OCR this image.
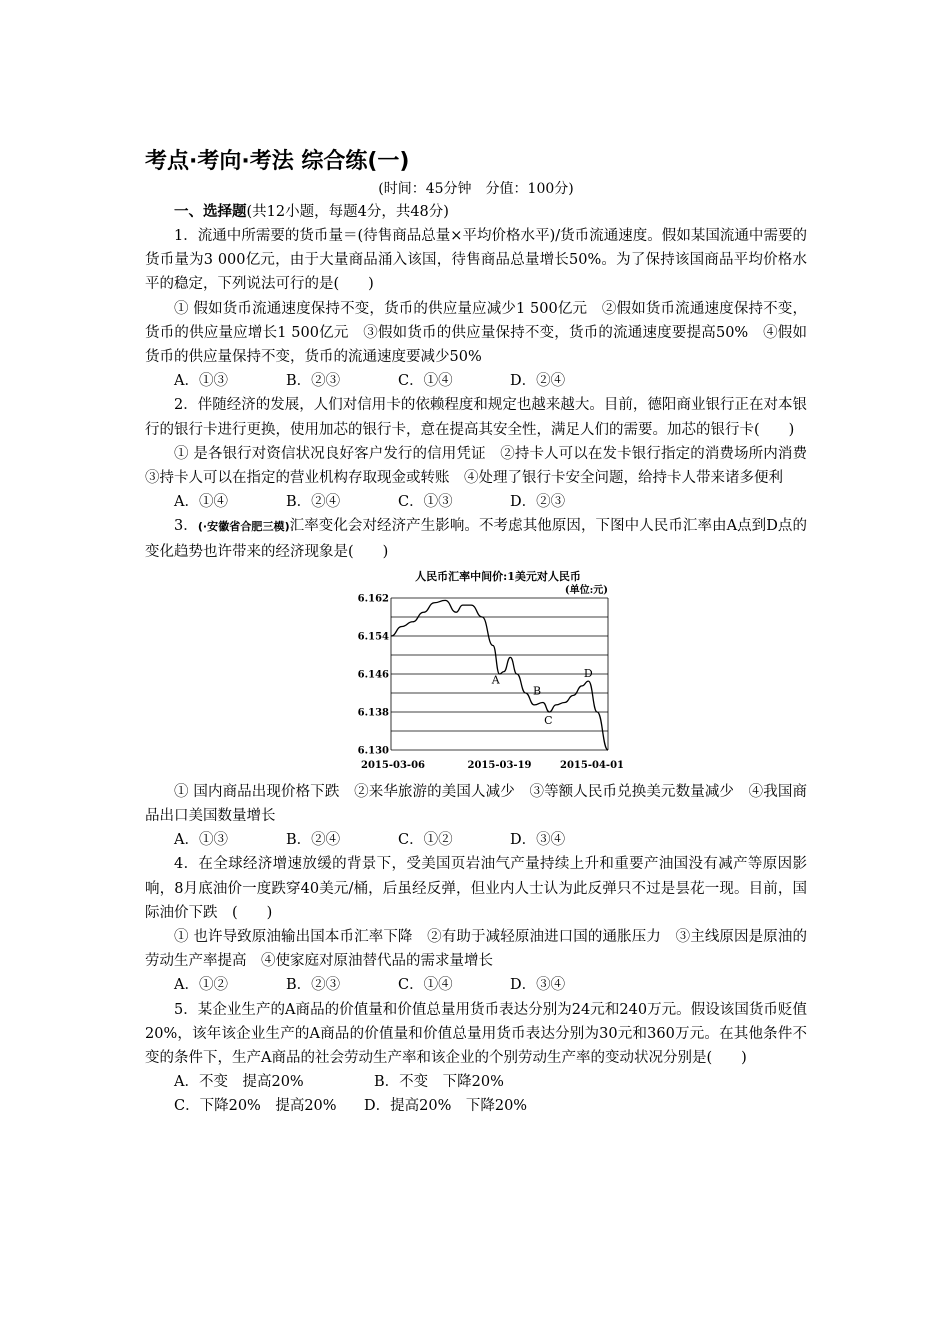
考点·考向·考法 综合练(一)
(时间：45分钟　分值：100分)
一、选择题(共12小题，每题4分，共48分)

1．流通中所需要的货币量＝(待售商品总量×平均价格水平)/货币流通速度。假如某国流通中需要的货币量为3 000亿元，由于大量商品涌入该国，待售商品总量增长50%。为了保持该国商品平均价格水平的稳定，下列说法可行的是(　　)

① 假如货币流通速度保持不变，货币的供应量应减少1 500亿元　②假如货币流通速度保持不变，货币的供应量应增长1 500亿元　③假如货币的供应量保持不变，货币的流通速度要提高50%　④假如货币的供应量保持不变，货币的流通速度要减少50%

A．①③	B．②③	C．①④	D．②④

2．伴随经济的发展，人们对信用卡的依赖程度和规定也越来越大。目前，德阳商业银行正在对本银行的银行卡进行更换，使用加芯的银行卡，意在提高其安全性，满足人们的需要。加芯的银行卡(　　)

① 是各银行对资信状况良好客户发行的信用凭证　②持卡人可以在发卡银行指定的消费场所内消费　③持卡人可以在指定的营业机构存取现金或转账　④处理了银行卡安全问题，给持卡人带来诸多便利

A．①④	B．②④	C．①③	D．②③

3．(·安徽省合肥三模)汇率变化会对经济产生影响。不考虑其他原因，下图中人民币汇率由A点到D点的变化趋势也许带来的经济现象是(　　)

人民币汇率中间价:1美元对人民币
(单位:元)
6.162
6.154
6.146
6.138
6.130
2015-03-06	2015-03-19	2015-04-01
A
B
C
D

① 国内商品出现价格下跌　②来华旅游的美国人减少　③等额人民币兑换美元数量减少　④我国商品出口美国数量增长

A．①③	B．②④	C．①②	D．③④

4．在全球经济增速放缓的背景下，受美国页岩油气产量持续上升和重要产油国没有减产等原因影响，8月底油价一度跌穿40美元/桶，后虽经反弹，但业内人士认为此反弹只不过是昙花一现。目前，国际油价下跌　(　　)

① 也许导致原油输出国本币汇率下降　②有助于减轻原油进口国的通胀压力　③主线原因是原油的劳动生产率提高　④使家庭对原油替代品的需求量增长

A．①②	B．②③	C．①④	D．③④

5．某企业生产的A商品的价值量和价值总量用货币表达分别为24元和240万元。假设该国货币贬值20%，该年该企业生产的A商品的价值量和价值总量用货币表达分别为30元和360万元。在其他条件不变的条件下，生产A商品的社会劳动生产率和该企业的个别劳动生产率的变动状况分别是(　　)

A．不变　提高20%	B．不变　下降20%
C．下降20%　提高20%	D．提高20%　下降20%
